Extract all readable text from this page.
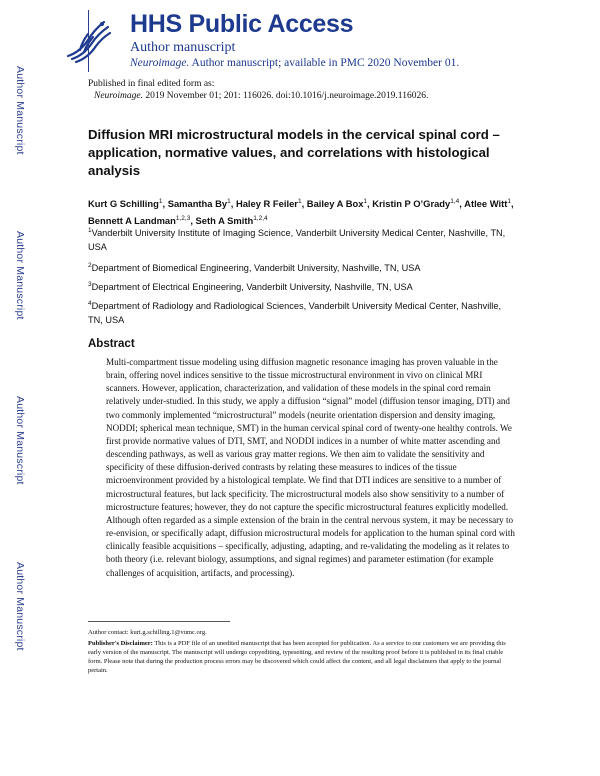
Author Manuscript
Author Manuscript
Author Manuscript
Author Manuscript
HHS Public Access
Author manuscript
Neuroimage. Author manuscript; available in PMC 2020 November 01.
Published in final edited form as:
Neuroimage. 2019 November 01; 201: 116026. doi:10.1016/j.neuroimage.2019.116026.
Diffusion MRI microstructural models in the cervical spinal cord – application, normative values, and correlations with histological analysis
Kurt G Schilling$^1$, Samantha By$^1$, Haley R Feiler$^1$, Bailey A Box$^1$, Kristin P O’Grady$^{1,4}$, Atlee Witt$^1$, Bennett A Landman$^{1,2,3}$, Seth A Smith$^{1,2,4}$
$^1$Vanderbilt University Institute of Imaging Science, Vanderbilt University Medical Center, Nashville, TN, USA
$^2$Department of Biomedical Engineering, Vanderbilt University, Nashville, TN, USA
$^3$Department of Electrical Engineering, Vanderbilt University, Nashville, TN, USA
$^4$Department of Radiology and Radiological Sciences, Vanderbilt University Medical Center, Nashville, TN, USA
Abstract
Multi-compartment tissue modeling using diffusion magnetic resonance imaging has proven valuable in the brain, offering novel indices sensitive to the tissue microstructural environment in vivo on clinical MRI scanners. However, application, characterization, and validation of these models in the spinal cord remain relatively under-studied. In this study, we apply a diffusion “signal” model (diffusion tensor imaging, DTI) and two commonly implemented “microstructural” models (neurite orientation dispersion and density imaging, NODDI; spherical mean technique, SMT) in the human cervical spinal cord of twenty-one healthy controls. We first provide normative values of DTI, SMT, and NODDI indices in a number of white matter ascending and descending pathways, as well as various gray matter regions. We then aim to validate the sensitivity and specificity of these diffusion-derived contrasts by relating these measures to indices of the tissue microenvironment provided by a histological template. We find that DTI indices are sensitive to a number of microstructural features, but lack specificity. The microstructural models also show sensitivity to a number of microstructure features; however, they do not capture the specific microstructural features explicitly modelled. Although often regarded as a simple extension of the brain in the central nervous system, it may be necessary to re-envision, or specifically adapt, diffusion microstructural models for application to the human spinal cord with clinically feasible acquisitions – specifically, adjusting, adapting, and re-validating the modeling as it relates to both theory (i.e. relevant biology, assumptions, and signal regimes) and parameter estimation (for example challenges of acquisition, artifacts, and processing).
Author contact: kurt.g.schilling.1@vumc.org.
Publisher's Disclaimer: This is a PDF file of an unedited manuscript that has been accepted for publication. As a service to our customers we are providing this early version of the manuscript. The manuscript will undergo copyediting, typesetting, and review of the resulting proof before it is published in its final citable form. Please note that during the production process errors may be discovered which could affect the content, and all legal disclaimers that apply to the journal pertain.
